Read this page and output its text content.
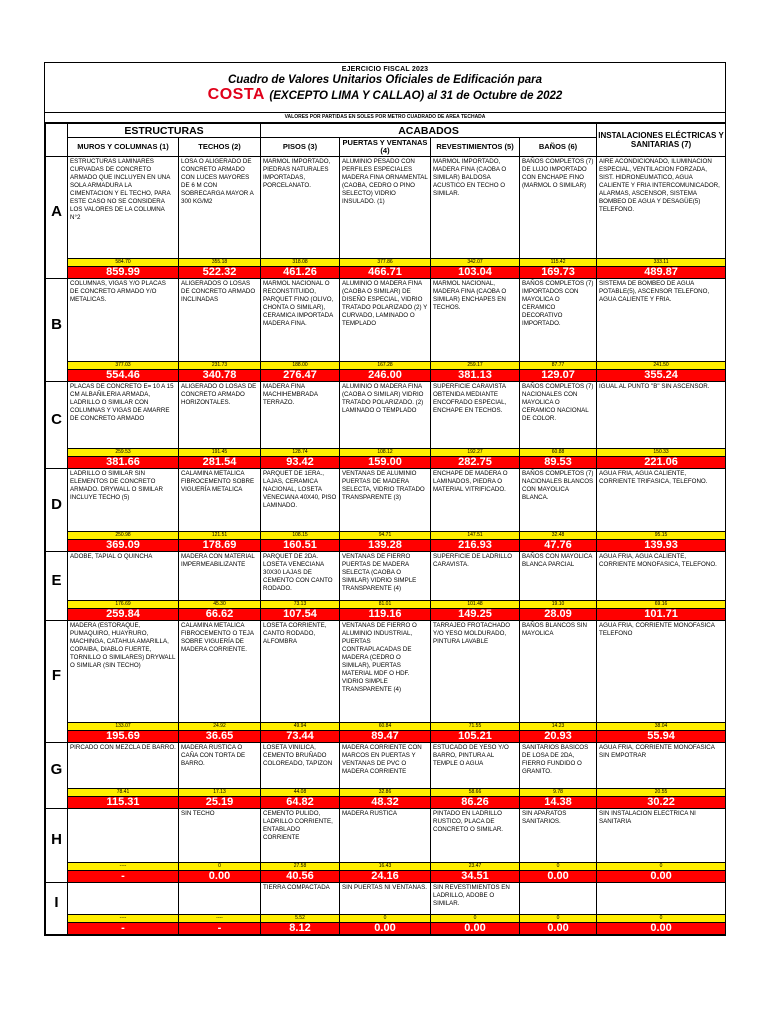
EJERCICIO FISCAL 2023
Cuadro de Valores Unitarios Oficiales de Edificación para
COSTA (EXCEPTO LIMA Y CALLAO) al 31 de Octubre de 2022
VALORES POR PARTIDAS EN SOLES POR METRO CUADRADO DE AREA TECHADA
	ESTRUCTURAS		ACABADOS				INSTALACIONES ELÉCTRICAS Y SANITARIAS (7)
	MUROS Y COLUMNAS (1)	TECHOS (2)	PISOS (3)	PUERTAS Y VENTANAS (4)	REVESTIMIENTOS (5)	BAÑOS (6)	
A	ESTRUCTURAS LAMINARES CURVADAS DE CONCRETO ARMADO QUE INCLUYEN EN UNA SOLA ARMADURA LA CIMENTACION Y EL TECHO, PARA ESTE CASO NO SE CONSIDERA LOS VALORES DE LA COLUMNA N°2	LOSA O ALIGERADO DE CONCRETO ARMADO CON LUCES MAYORES DE 6 M CON SOBRECARGA MAYOR A 300 KG/M2	MARMOL IMPORTADO, PIEDRAS NATURALES IMPORTADAS, PORCELANATO.	ALUMINIO PESADO CON PERFILES ESPECIALES MADERA FINA ORNAMENTAL (CAOBA, CEDRO O PINO SELECTO) VIDRIO INSULADO. (1)	MARMOL IMPORTADO, MADERA FINA (CAOBA O SIMILAR) BALDOSA ACUSTICO EN TECHO O SIMILAR.	BAÑOS COMPLETOS (7) DE LUJO IMPORTADO CON ENCHAPE FINO (MARMOL O SIMILAR)	AIRE ACONDICIONADO, ILUMINACION ESPECIAL, VENTILACION FORZADA, SIST. HIDRONEUMATICO, AGUA CALIENTE Y FRIA INTERCOMUNICADOR, ALARMAS, ASCENSOR, SISTEMA BOMBEO DE AGUA Y DESAGÜE(5) TELEFONO.
	584.70	355.18	318.08	377.86	342.07	115.42	333.11
	859.99	522.32	461.26	466.71	103.04	169.73	489.87
B	COLUMNAS, VIGAS Y/O PLACAS DE CONCRETO ARMADO Y/O METALICAS.	ALIGERADOS O LOSAS DE CONCRETO ARMADO INCLINADAS	MARMOL NACIONAL O RECONSTITUIDO, PARQUET FINO (OLIVO, CHONTA O SIMILAR), CERAMICA IMPORTADA MADERA FINA.	ALUMINIO O MADERA FINA (CAOBA O SIMILAR) DE DISEÑO ESPECIAL, VIDRIO TRATADO POLARIZADO (2) Y CURVADO, LAMINADO O TEMPLADO	MARMOL NACIONAL, MADERA FINA (CAOBA O SIMILAR) ENCHAPES EN TECHOS.	BAÑOS COMPLETOS (7) IMPORTADOS CON MAYOLICA O CERAMICO DECORATIVO IMPORTADO.	SISTEMA DE BOMBEO DE AGUA POTABLE(5), ASCENSOR TELEFONO, AGUA CALIENTE Y FRIA.
	377.03	231.73	188.00	167.28	259.17	87.77	241.50
	554.46	340.78	276.47	246.00	381.13	129.07	355.24
C	PLACAS DE CONCRETO E= 10 A 15 CM ALBAÑILERIA ARMADA, LADRILLO O SIMILAR CON COLUMNAS Y VIGAS DE AMARRE DE CONCRETO ARMADO	ALIGERADO O LOSAS DE CONCRETO ARMADO HORIZONTALES.	MADERA FINA MACHIHEMBRADA TERRAZO.	ALUMINIO O MADERA FINA (CAOBA O SIMILAR) VIDRIO TRATADO POLARIZADO. (2) LAMINADO O TEMPLADO	SUPERFICIE CARAVISTA OBTENIDA MEDIANTE ENCOFRADO ESPECIAL, ENCHAPE EN TECHOS.	BAÑOS COMPLETOS (7) NACIONALES CON MAYOLICA O CERAMICO NACIONAL DE COLOR.	IGUAL AL PUNTO "B" SIN ASCENSOR.
	259.53	191.45	128.74	108.12	192.27	60.88	150.33
	381.66	281.54	93.42	159.00	282.75	89.53	221.06
D	LADRILLO O SIMILAR SIN ELEMENTOS DE CONCRETO ARMADO. DRYWALL O SIMILAR INCLUYE TECHO (5)	CALAMINA METALICA FIBROCEMENTO SOBRE VIGUERÍA METALICA	PARQUET DE 1ERA., LAJAS, CERAMICA NACIONAL, LOSETA VENECIANA 40X40, PISO LAMINADO.	VENTANAS DE ALUMINIO PUERTAS DE MADERA SELECTA, VIDRIO TRATADO TRANSPARENTE (3)	ENCHAPE DE MADERA O LAMINADOS, PIEDRA O MATERIAL VITRIFICADO.	BAÑOS COMPLETOS (7) NACIONALES BLANCOS CON MAYOLICA BLANCA.	AGUA FRIA, AGUA CALIENTE, CORRIENTE TRIFASICA, TELEFONO.
	250.98	121.51	108.15	94.71	147.51	32.48	95.15
	369.09	178.69	160.51	139.28	216.93	47.76	139.93
E	ADOBE, TAPIAL O QUINCHA	MADERA CON MATERIAL IMPERMEABILIZANTE	PARQUET DE 2DA. LOSETA VENECIANA 30X30 LAJAS DE CEMENTO CON CANTO RODADO.	VENTANAS DE FIERRO PUERTAS DE MADERA SELECTA (CAOBA O SIMILAR) VIDRIO SIMPLE TRANSPARENTE (4)	SUPERFICIE DE LADRILLO CARAVISTA.	BAÑOS CON MAYOLICA BLANCA PARCIAL	AGUA FRIA, AGUA CALIENTE, CORRIENTE MONOFASICA, TELEFONO.
	176.69	45.30	73.13	81.01	101.48	19.10	69.16
	259.84	66.62	107.54	119.16	149.25	28.09	101.71
F	MADERA (ESTORAQUE, PUMAQUIRO, HUAYRURO, MACHINGA, CATAHUA AMARILLA, COPAIBA, DIABLO FUERTE, TORNILLO O SIMILARES) DRYWALL O SIMILAR (SIN TECHO)	CALAMINA METALICA FIBROCEMENTO O TEJA SOBRE VIGUERÍA DE MADERA CORRIENTE.	LOSETA CORRIENTE, CANTO RODADO, ALFOMBRA	VENTANAS DE FIERRO O ALUMINIO INDUSTRIAL, PUERTAS CONTRAPLACADAS DE MADERA (CEDRO O SIMILAR), PUERTAS MATERIAL MDF O HDF. VIDRIO SIMPLE TRANSPARENTE (4)	TARRAJEO FROTACHADO Y/O YESO MOLDURADO, PINTURA LAVABLE	BAÑOS BLANCOS SIN MAYOLICA	AGUA FRIA, CORRIENTE MONOFASICA TELEFONO
	133.07	24.92	49.94	60.84	71.55	14.23	38.04
	195.69	36.65	73.44	89.47	105.21	20.93	55.94
G	PIRCADO CON MEZCLA DE BARRO.	MADERA RUSTICA O CAÑA CON TORTA DE BARRO.	LOSETA VINILICA, CEMENTO BRUÑADO COLOREADO, TAPIZON	MADERA CORRIENTE CON MARCOS EN PUERTAS Y VENTANAS DE PVC O MADERA CORRIENTE	ESTUCADO DE YESO Y/O BARRO, PINTURA AL TEMPLE O AGUA	SANITARIOS BASICOS DE LOSA DE 2DA, FIERRO FUNDIDO O GRANITO.	AGUA FRIA, CORRIENTE MONOFASICA SIN EMPOTRAR
	78.41	17.13	44.08	32.86	58.66	9.78	20.55
	115.31	25.19	64.82	48.32	86.26	14.38	30.22
H		SIN TECHO	CEMENTO PULIDO, LADRILLO CORRIENTE, ENTABLADO CORRIENTE	MADERA RUSTICA	PINTADO EN LADRILLO RUSTICO, PLACA DE CONCRETO O SIMILAR.	SIN APARATOS SANITARIOS.	SIN INSTALACION ELECTRICA NI SANITARIA
	----	0	27.58	16.43	23.47	0	0
	-	0.00	40.56	24.16	34.51	0.00	0.00
I			TIERRA COMPACTADA	SIN PUERTAS NI VENTANAS.	SIN REVESTIMIENTOS EN LADRILLO, ADOBE O SIMILAR.		
	----	----	5.52	0	0	0	0
	-	-	8.12	0.00	0.00	0.00	0.00
